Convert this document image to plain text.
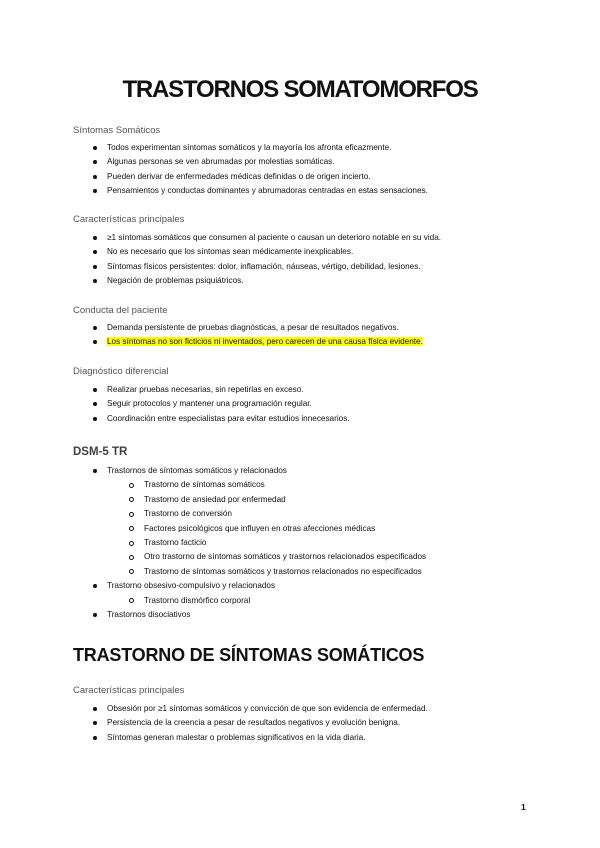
TRASTORNOS SOMATOMORFOS
Síntomas Somáticos
Todos experimentan síntomas somáticos y la mayoría los afronta eficazmente.
Algunas personas se ven abrumadas por molestias somáticas.
Pueden derivar de enfermedades médicas definidas o de origen incierto.
Pensamientos y conductas dominantes y abrumadoras centradas en estas sensaciones.
Características principales
≥1 síntomas somáticos que consumen al paciente o causan un deterioro notable en su vida.
No es necesario que los síntomas sean médicamente inexplicables.
Síntomas físicos persistentes: dolor, inflamación, náuseas, vértigo, debilidad, lesiones.
Negación de problemas psiquiátricos.
Conducta del paciente
Demanda persistente de pruebas diagnósticas, a pesar de resultados negativos.
Los síntomas no son ficticios ni inventados, pero carecen de una causa física evidente.
Diagnóstico diferencial
Realizar pruebas necesarias, sin repetirlas en exceso.
Seguir protocolos y mantener una programación regular.
Coordinación entre especialistas para evitar estudios innecesarios.
DSM-5 TR
Trastornos de síntomas somáticos y relacionados
Trastorno de síntomas somáticos
Trastorno de ansiedad por enfermedad
Trastorno de conversión
Factores psicológicos que influyen en otras afecciones médicas
Trastorno facticio
Otro trastorno de síntomas somáticos y trastornos relacionados especificados
Trastorno de síntomas somáticos y trastornos relacionados no especificados
Trastorno obsesivo-compulsivo y relacionados
Trastorno dismórfico corporal
Trastornos disociativos
TRASTORNO DE SÍNTOMAS SOMÁTICOS
Características principales
Obsesión por ≥1 síntomas somáticos y convicción de que son evidencia de enfermedad.
Persistencia de la creencia a pesar de resultados negativos y evolución benigna.
Síntomas generan malestar o problemas significativos en la vida diaria.
1
